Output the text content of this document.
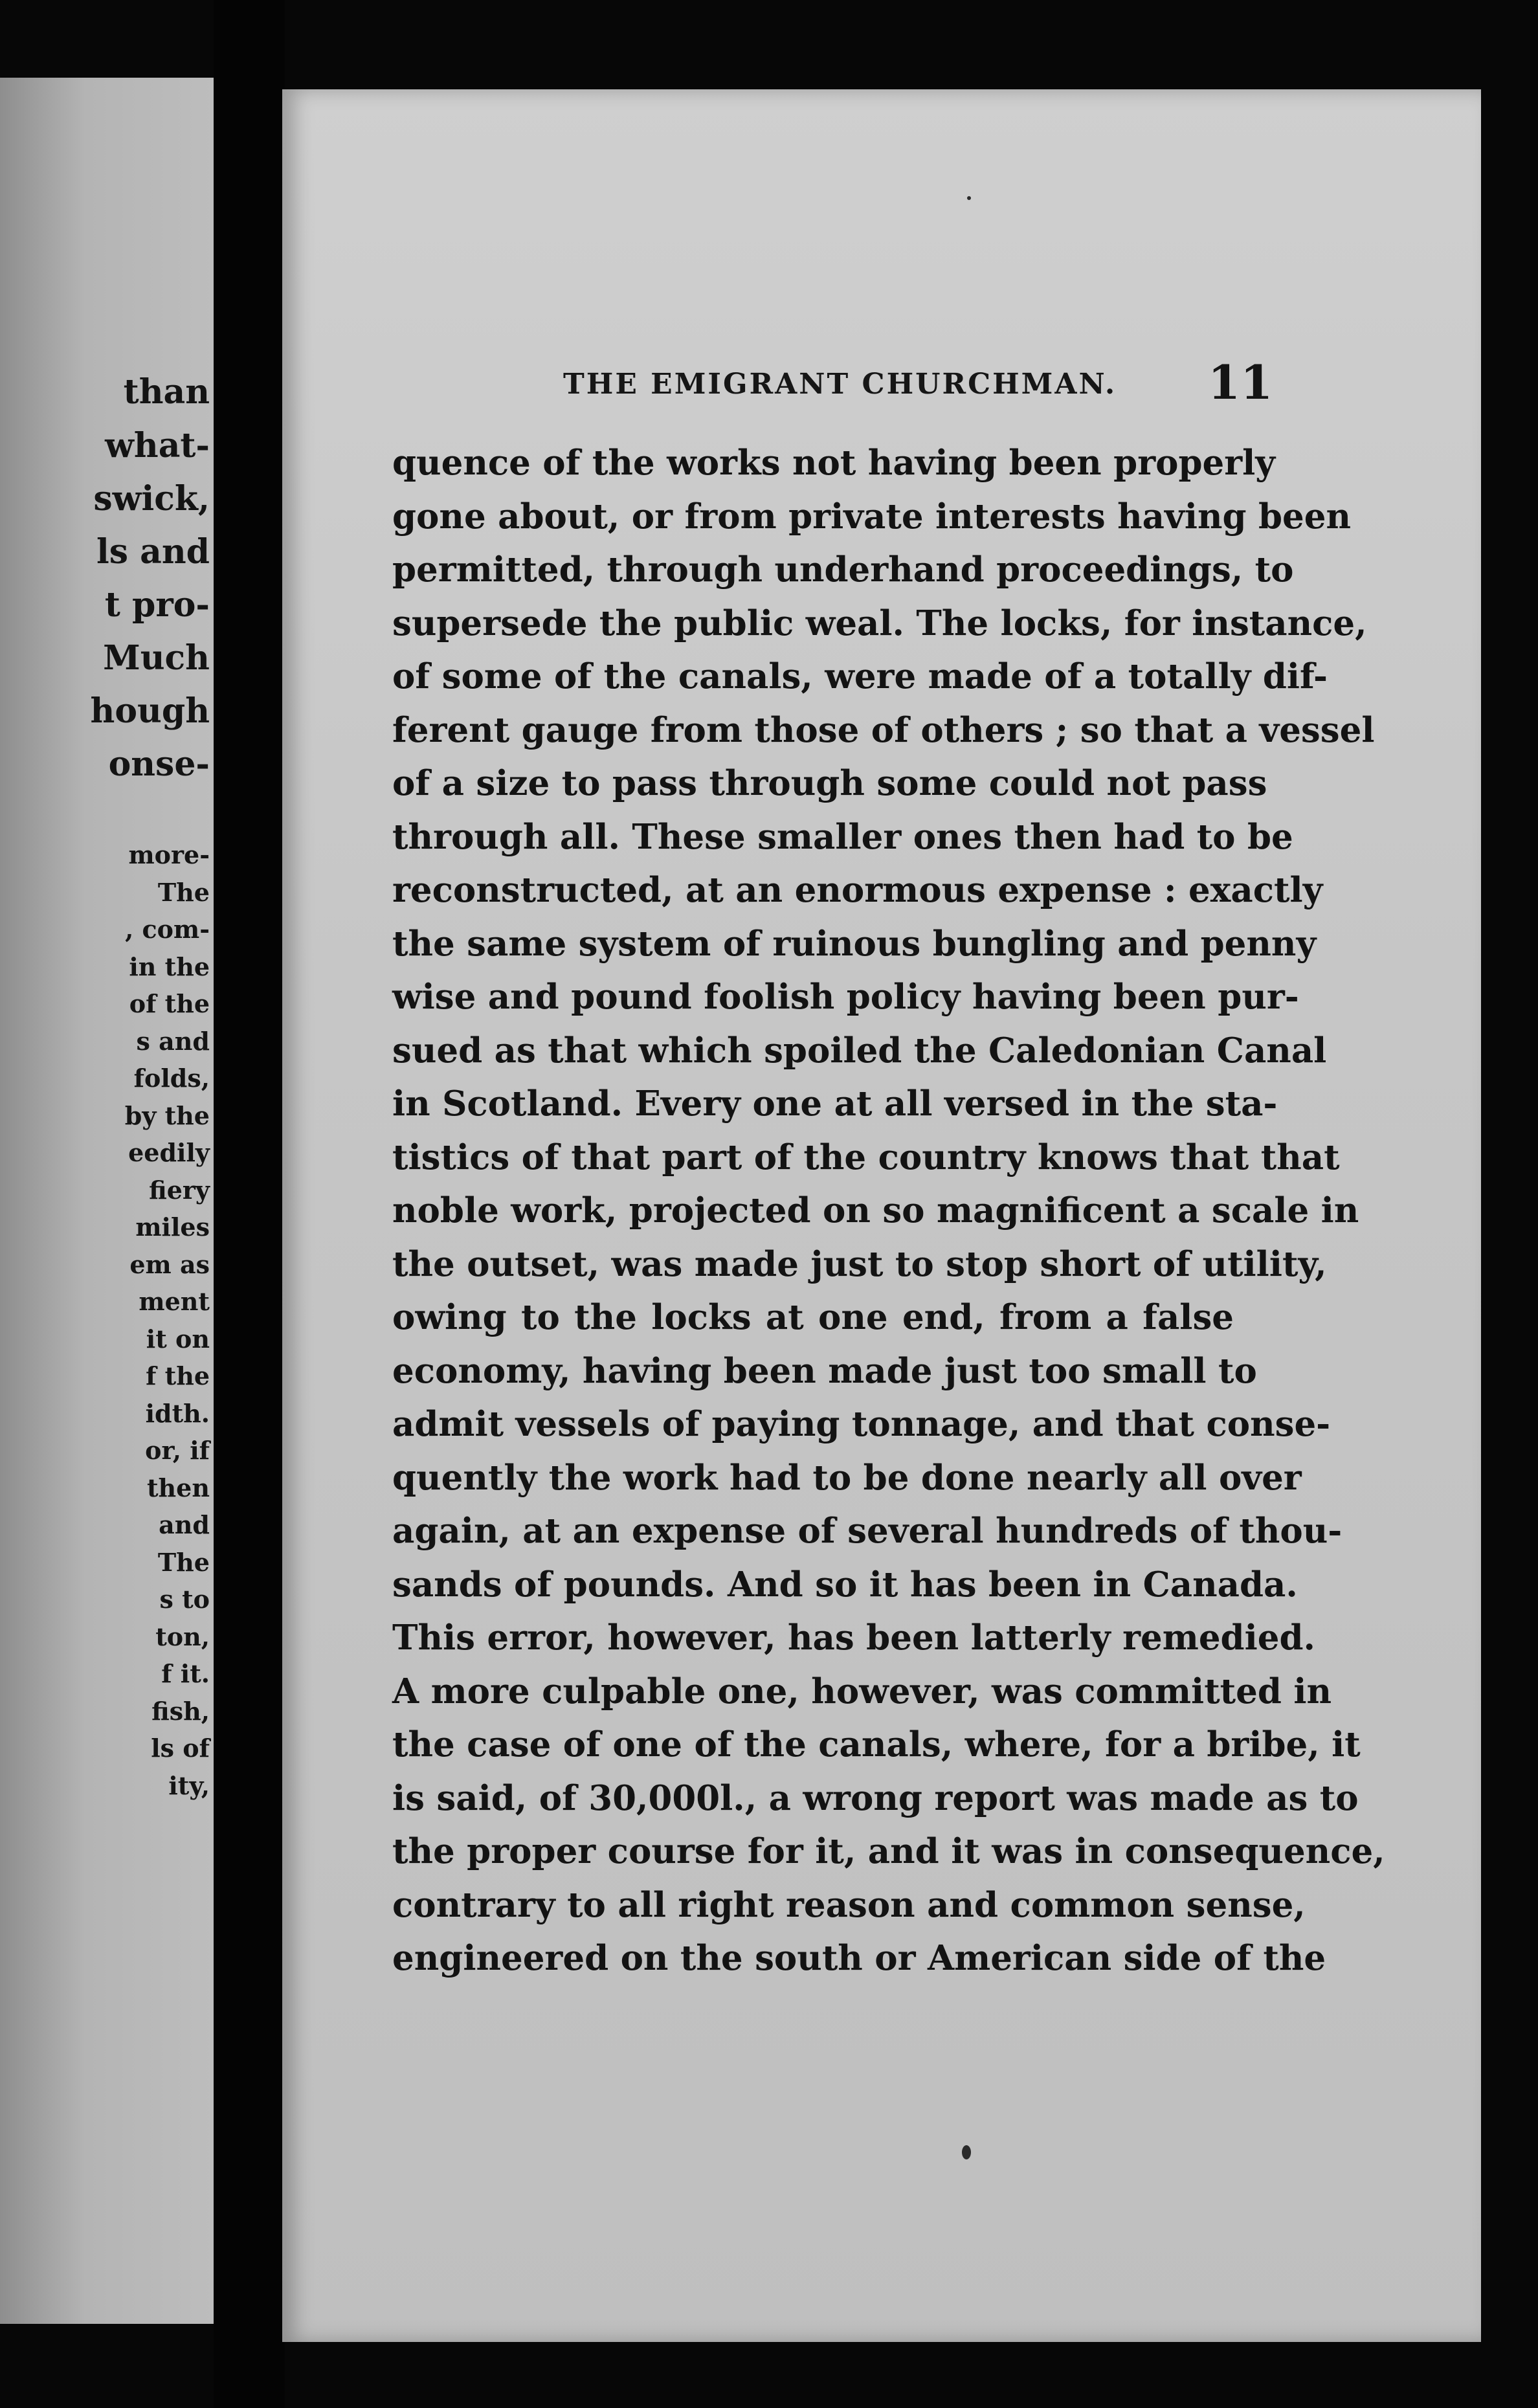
than
what-
swick,
ls and
t pro-
Much
hough
onse-
more-
The
, com-
in the
of the
s and
folds,
by the
eedily
fiery
miles
em as
ment
it on
f the
idth.
or, if
then
and
The
s to
ton,
f it.
fish,
ls of
ity,
THE EMIGRANT CHURCHMAN. 11
quence of the works not having been properly
gone about, or from private interests having been
permitted, through underhand proceedings, to
supersede the public weal. The locks, for instance,
of some of the canals, were made of a totally dif-
ferent gauge from those of others ; so that a vessel
of a size to pass through some could not pass
through all. These smaller ones then had to be
reconstructed, at an enormous expense : exactly
the same system of ruinous bungling and penny
wise and pound foolish policy having been pur-
sued as that which spoiled the Caledonian Canal
in Scotland. Every one at all versed in the sta-
tistics of that part of the country knows that that
noble work, projected on so magnificent a scale in
the outset, was made just to stop short of utility,
owing to the locks at one end, from a false
economy, having been made just too small to
admit vessels of paying tonnage, and that conse-
quently the work had to be done nearly all over
again, at an expense of several hundreds of thou-
sands of pounds. And so it has been in Canada.
This error, however, has been latterly remedied.
A more culpable one, however, was committed in
the case of one of the canals, where, for a bribe, it
is said, of 30,000l., a wrong report was made as to
the proper course for it, and it was in consequence,
contrary to all right reason and common sense,
engineered on the south or American side of the
